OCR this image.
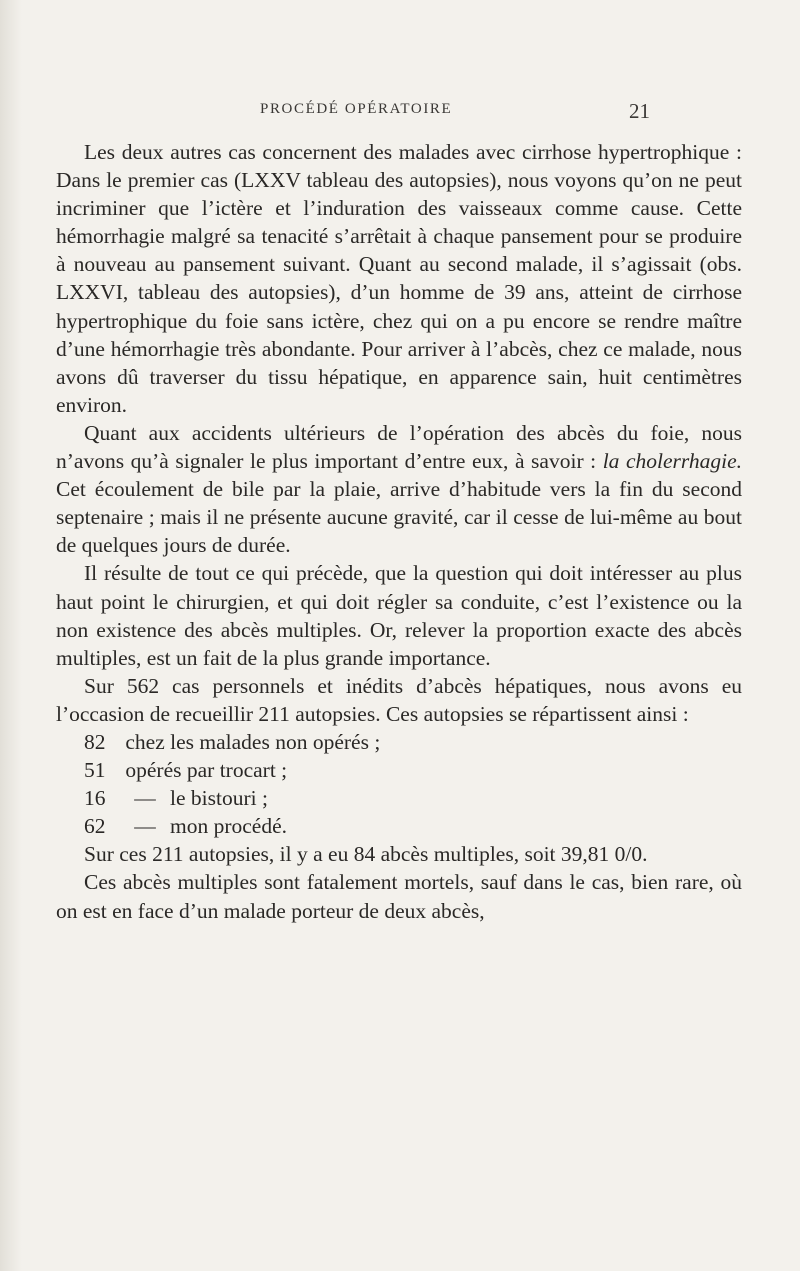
PROCÉDÉ OPÉRATOIRE	21

Les deux autres cas concernent des malades avec cirrhose hypertrophique : Dans le premier cas (LXXV tableau des autopsies), nous voyons qu’on ne peut incriminer que l’ictère et l’induration des vaisseaux comme cause. Cette hémorrhagie malgré sa tenacité s’arrêtait à chaque pansement pour se produire à nouveau au pansement suivant. Quant au second malade, il s’agissait (obs. LXXVI, tableau des autopsies), d’un homme de 39 ans, atteint de cirrhose hypertrophique du foie sans ictère, chez qui on a pu encore se rendre maître d’une hémorrhagie très abondante. Pour arriver à l’abcès, chez ce malade, nous avons dû traverser du tissu hépatique, en apparence sain, huit centimètres environ.

Quant aux accidents ultérieurs de l’opération des abcès du foie, nous n’avons qu’à signaler le plus important d’entre eux, à savoir : la cholerrhagie. Cet écoulement de bile par la plaie, arrive d’habitude vers la fin du second septenaire ; mais il ne présente aucune gravité, car il cesse de lui-même au bout de quelques jours de durée.

Il résulte de tout ce qui précède, que la question qui doit intéresser au plus haut point le chirurgien, et qui doit régler sa conduite, c’est l’existence ou la non existence des abcès multiples. Or, relever la proportion exacte des abcès multiples, est un fait de la plus grande importance.

Sur 562 cas personnels et inédits d’abcès hépatiques, nous avons eu l’occasion de recueillir 211 autopsies. Ces autopsies se répartissent ainsi :

82 chez les malades non opérés ;
51 opérés par trocart ;
16 — le bistouri ;
62 — mon procédé.

Sur ces 211 autopsies, il y a eu 84 abcès multiples, soit 39,81 0/0.

Ces abcès multiples sont fatalement mortels, sauf dans le cas, bien rare, où on est en face d’un malade porteur de deux abcès,
